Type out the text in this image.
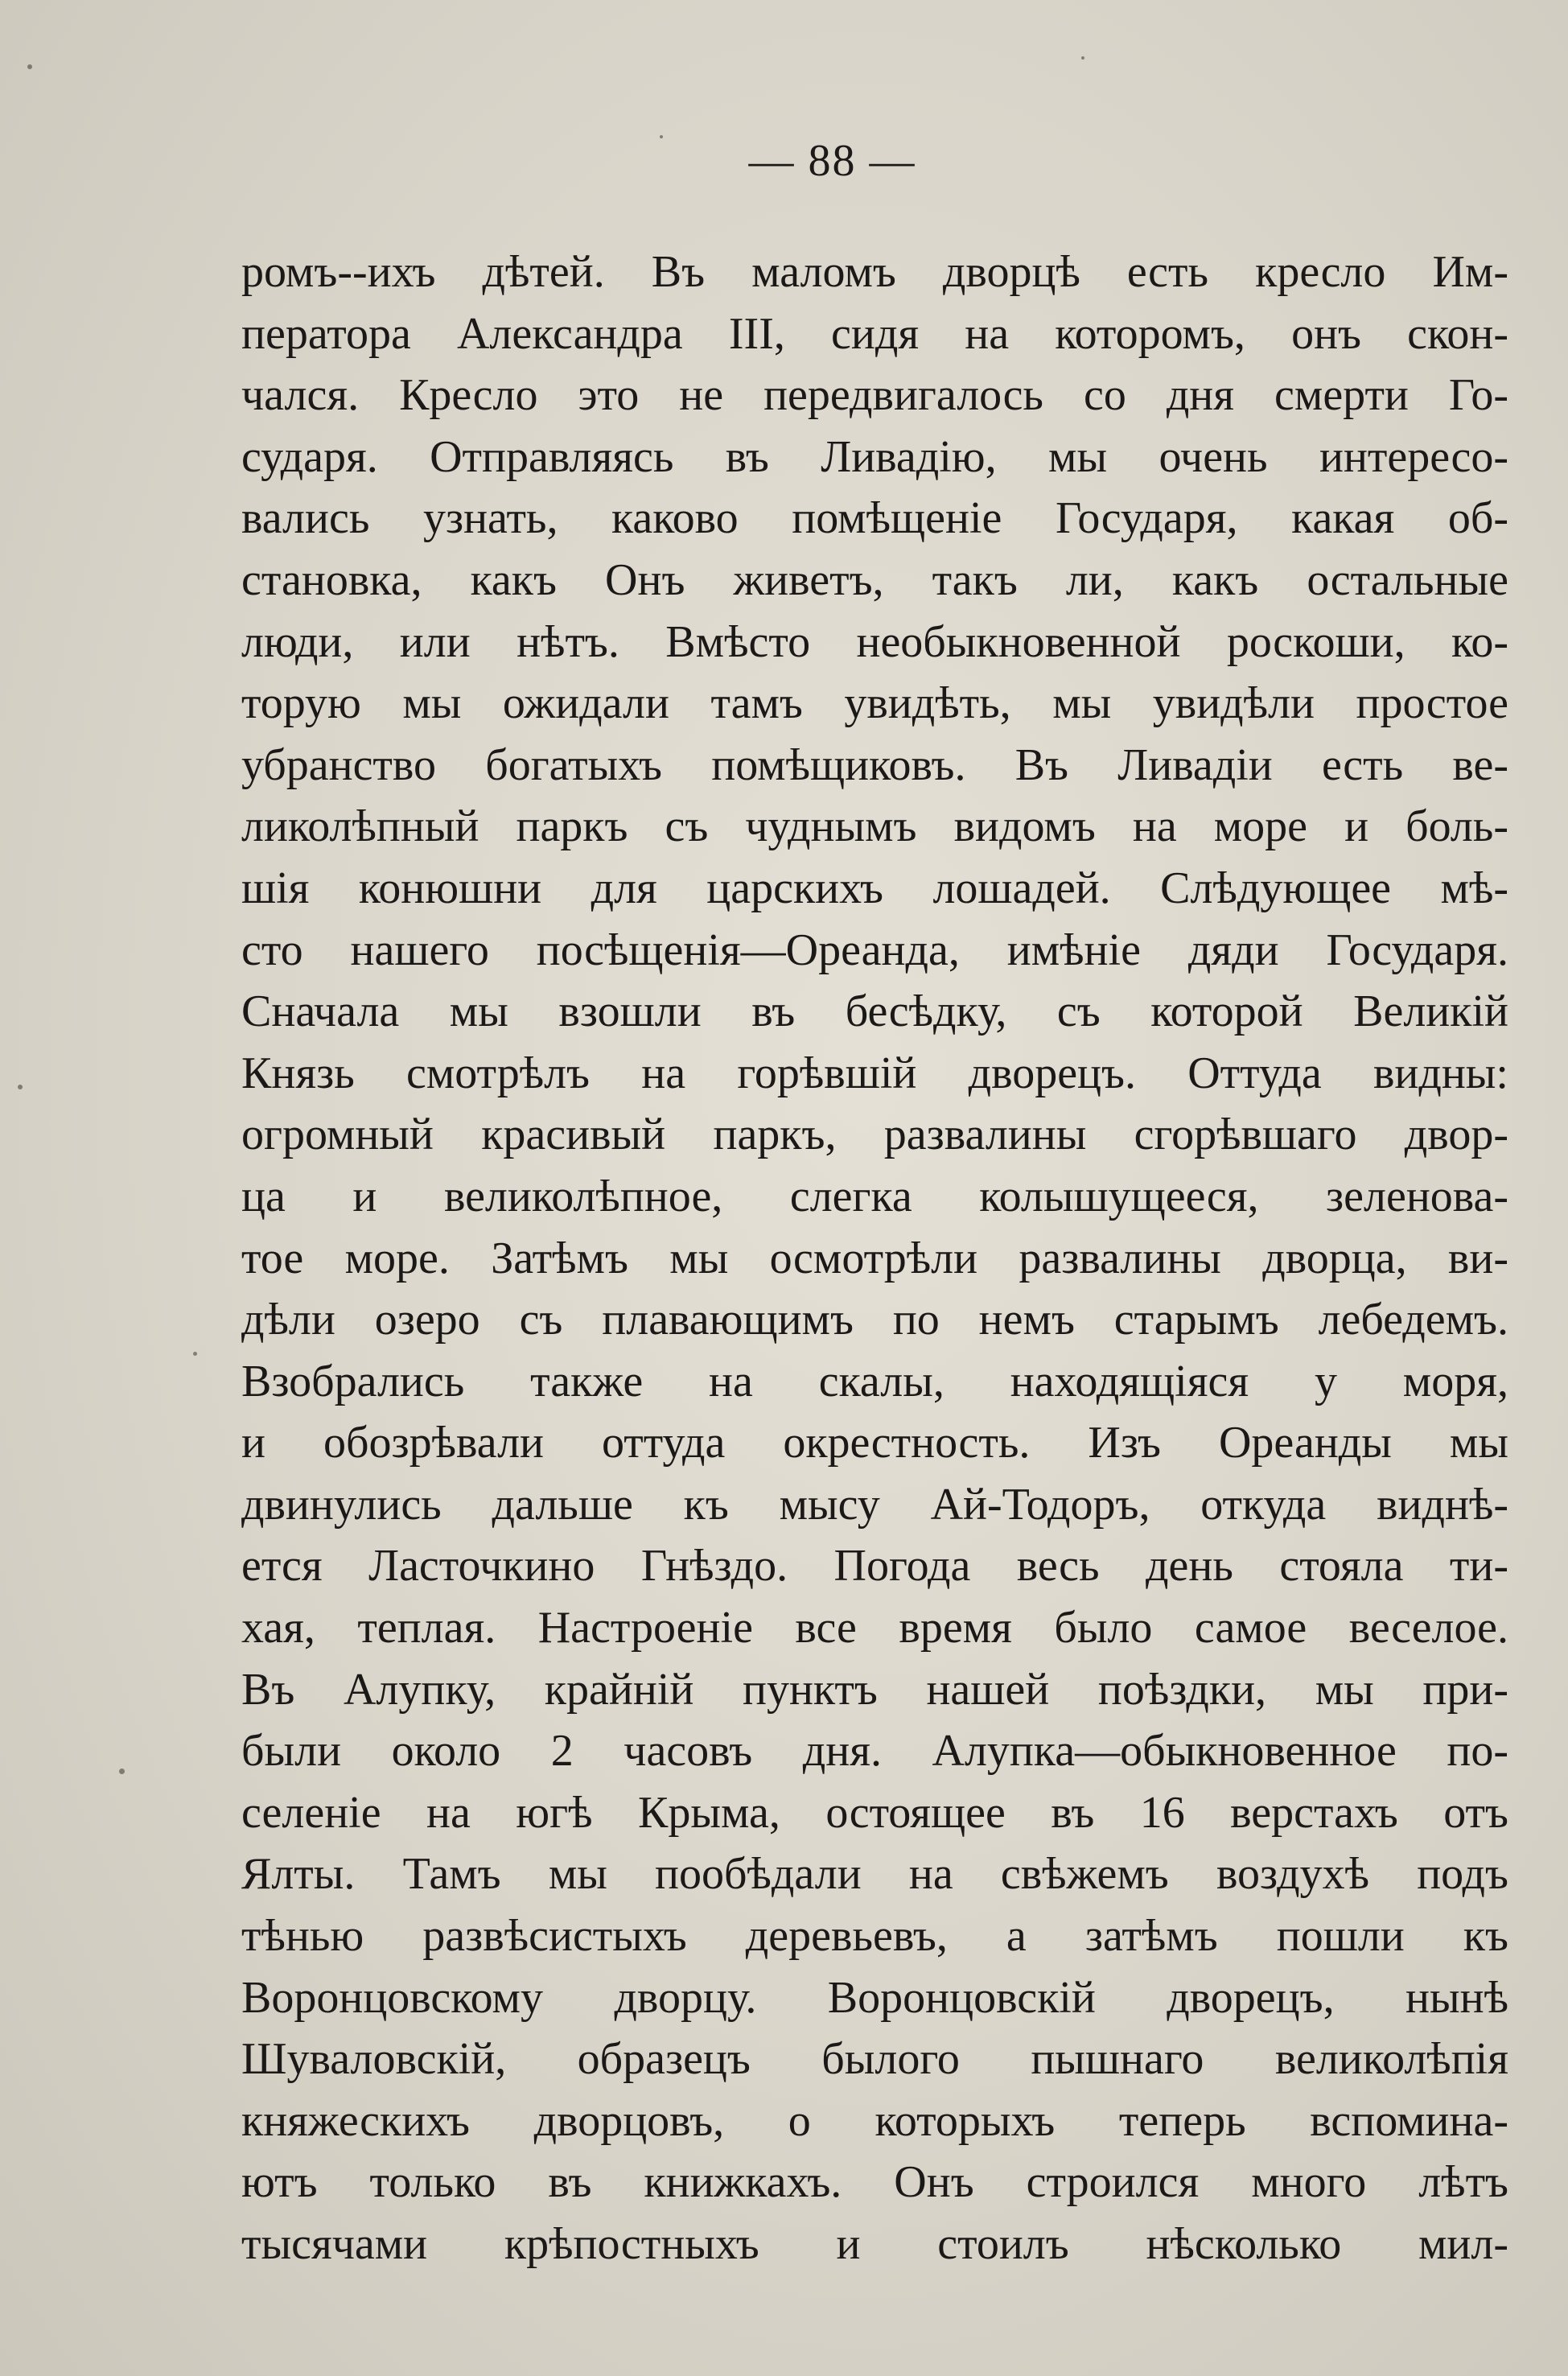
— 88 —
ромъ--ихъ дѣтей. Въ маломъ дворцѣ есть кресло Им-
ператора Александра III, сидя на которомъ, онъ скон-
чался. Кресло это не передвигалось со дня смерти Го-
сударя. Отправляясь въ Ливадію, мы очень интересо-
вались узнать, каково помѣщеніе Государя, какая об-
становка, какъ Онъ живетъ, такъ ли, какъ остальные
люди, или нѣтъ. Вмѣсто необыкновенной роскоши, ко-
торую мы ожидали тамъ увидѣть, мы увидѣли простое
убранство богатыхъ помѣщиковъ. Въ Ливадіи есть ве-
ликолѣпный паркъ съ чуднымъ видомъ на море и боль-
шія конюшни для царскихъ лошадей. Слѣдующее мѣ-
сто нашего посѣщенія—Ореанда, имѣніе дяди Государя.
Сначала мы взошли въ бесѣдку, съ которой Великій
Князь смотрѣлъ на горѣвшій дворецъ. Оттуда видны:
огромный красивый паркъ, развалины сгорѣвшаго двор-
ца и великолѣпное, слегка колышущееся, зеленова-
тое море. Затѣмъ мы осмотрѣли развалины дворца, ви-
дѣли озеро съ плавающимъ по немъ старымъ лебедемъ.
Взобрались также на скалы, находящіяся у моря,
и обозрѣвали оттуда окрестность. Изъ Ореанды мы
двинулись дальше къ мысу Ай-Тодоръ, откуда виднѣ-
ется Ласточкино Гнѣздо. Погода весь день стояла ти-
хая, теплая. Настроеніе все время было самое веселое.
Въ Алупку, крайній пунктъ нашей поѣздки, мы при-
были около 2 часовъ дня. Алупка—обыкновенное по-
селеніе на югѣ Крыма, остоящее въ 16 верстахъ отъ
Ялты. Тамъ мы пообѣдали на свѣжемъ воздухѣ подъ
тѣнью развѣсистыхъ деревьевъ, а затѣмъ пошли къ
Воронцовскому дворцу. Воронцовскій дворецъ, нынѣ
Шуваловскій, образецъ былого пышнаго великолѣпія
княжескихъ дворцовъ, о которыхъ теперь вспомина-
ютъ только въ книжкахъ. Онъ строился много лѣтъ
тысячами крѣпостныхъ и стоилъ нѣсколько мил-
